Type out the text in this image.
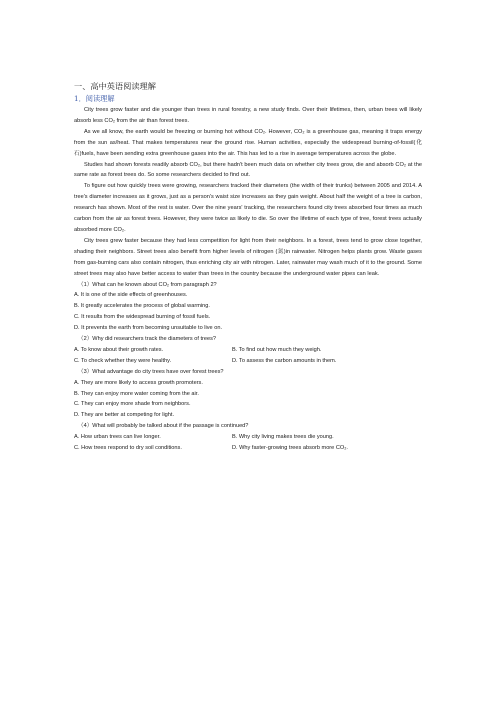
一、高中英语阅读理解
1．阅读理解

City trees grow faster and die younger than trees in rural forestry, a new study finds. Over their lifetimes, then, urban trees will likely absorb less CO₂ from the air than forest trees.

As we all know, the earth would be freezing or burning hot without CO₂. However, CO₂ is a greenhouse gas, meaning it traps energy from the sun as/heat. That makes temperatures near the ground rise. Human activities, especially the widespread burning-of-fossil(化石)fuels, have been sending extra greenhouse gases into the air. This has led to a rise in average temperatures across the globe.

Studies had shown forests readily absorb CO₂, but there hadn't been much data on whether city trees grow, die and absorb CO₂ at the same rate as forest trees do. So some researchers decided to find out.

To figure out how quickly trees were growing, researchers tracked their diameters (the width of their trunks) between 2005 and 2014. A tree's diameter increases as it grows, just as a person's waist size increases as they gain weight. About half the weight of a tree is carbon, research has shown. Most of the rest is water. Over the nine years' tracking, the researchers found city trees absorbed four times as much carbon from the air as forest trees. However, they were twice as likely to die. So over the lifetime of each type of tree, forest trees actually absorbed more CO₂.

City trees grew faster because they had less competition for light from their neighbors. In a forest, trees tend to grow close together, shading their neighbors. Street trees also benefit from higher levels of nitrogen (氮)in rainwater. Nitrogen helps plants grow. Waste gases from gas-burning cars also contain nitrogen, thus enriching city air with nitrogen. Later, rainwater may wash much of it to the ground. Some street trees may also have better access to water than trees in the country because the underground water pipes can leak.

（1）What can he known about CO₂ from paragraph 2?
A. It is one of the side effects of greenhouses.
B. It greatly accelerates the process of global warming.
C. It results from the widespread burning of fossil fuels.
D. It prevents the earth from becoming unsuitable to live on.
（2）Why did researchers track the diameters of trees?
A. To know about their growth rates.	B. To find out how much they weigh.
C. To check whether they were healthy.	D. To assess the carbon amounts in them.
（3）What advantage do city trees have over forest trees?
A. They are more likely to access growth promoters.
B. They can enjoy more water coming from the air.
C. They can enjoy more shade from neighbors.
D. They are better at competing for light.
（4）What will probably be talked about if the passage is continued?
A. How urban trees can live longer.	B. Why city living makes trees die young.
C. How trees respond to dry soil conditions.	D. Why faster-growing trees absorb more CO₂.
